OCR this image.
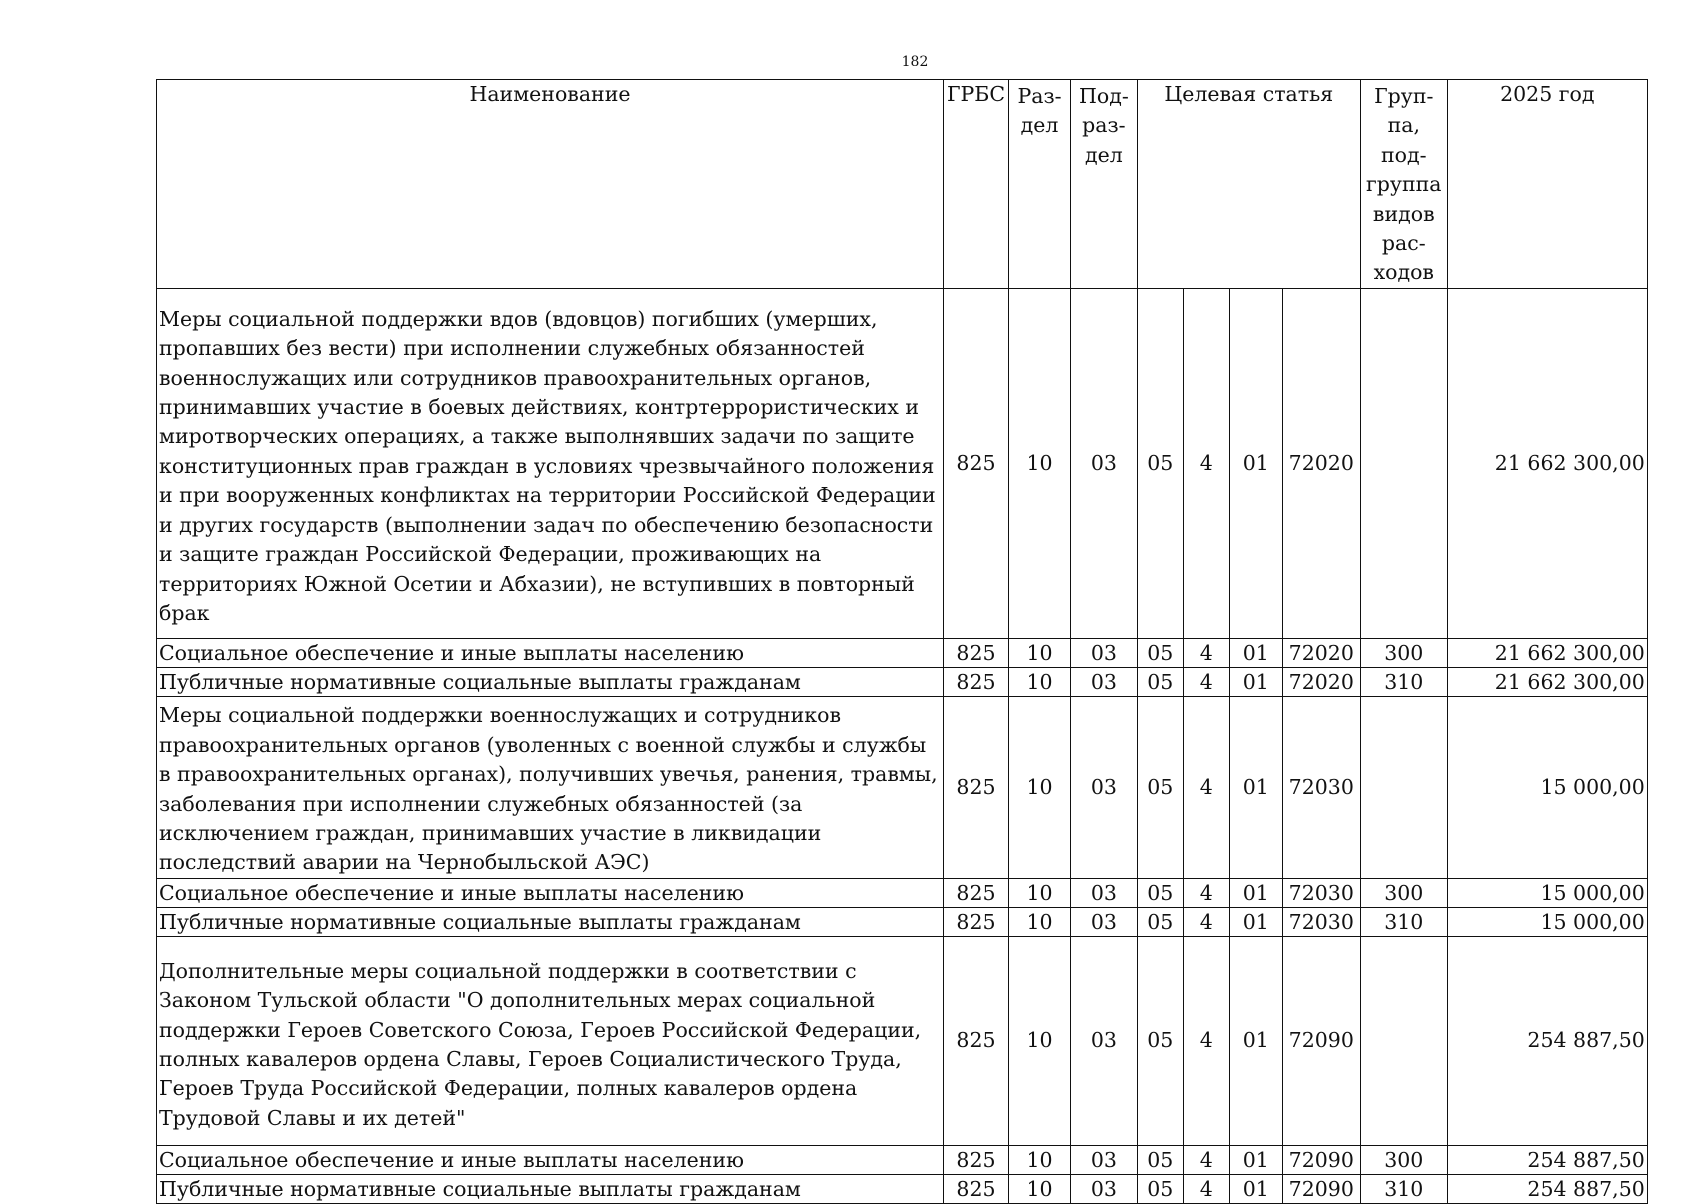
182
Наименование	ГРБС	Раз- дел	Под- раз- дел	Целевая статья				Груп- па, под- группа видов рас- ходов	2025 год
Меры социальной поддержки вдов (вдовцов) погибших (умерших, пропавших без вести) при исполнении служебных обязанностей военнослужащих или сотрудников правоохранительных органов, принимавших участие в боевых действиях, контртеррористических и миротворческих операциях, а также выполнявших задачи по защите конституционных прав граждан в условиях чрезвычайного положения и при вооруженных конфликтах на территории Российской Федерации и других государств (выполнении задач по обеспечению безопасности и защите граждан Российской Федерации, проживающих на территориях Южной Осетии и Абхазии), не вступивших в повторный брак	825	10	03	05	4	01	72020		21 662 300,00
Социальное обеспечение и иные выплаты населению	825	10	03	05	4	01	72020	300	21 662 300,00
Публичные нормативные социальные выплаты гражданам	825	10	03	05	4	01	72020	310	21 662 300,00
Меры социальной поддержки военнослужащих и сотрудников правоохранительных органов (уволенных с военной службы и службы в правоохранительных органах), получивших увечья, ранения, травмы, заболевания при исполнении служебных обязанностей (за исключением граждан, принимавших участие в ликвидации последствий аварии на Чернобыльской АЭС)	825	10	03	05	4	01	72030		15 000,00
Социальное обеспечение и иные выплаты населению	825	10	03	05	4	01	72030	300	15 000,00
Публичные нормативные социальные выплаты гражданам	825	10	03	05	4	01	72030	310	15 000,00
Дополнительные меры социальной поддержки в соответствии с Законом Тульской области "О дополнительных мерах социальной поддержки Героев Советского Союза, Героев Российской Федерации, полных кавалеров ордена Славы, Героев Социалистического Труда, Героев Труда Российской Федерации, полных кавалеров ордена Трудовой Славы и их детей"	825	10	03	05	4	01	72090		254 887,50
Социальное обеспечение и иные выплаты населению	825	10	03	05	4	01	72090	300	254 887,50
Публичные нормативные социальные выплаты гражданам	825	10	03	05	4	01	72090	310	254 887,50
